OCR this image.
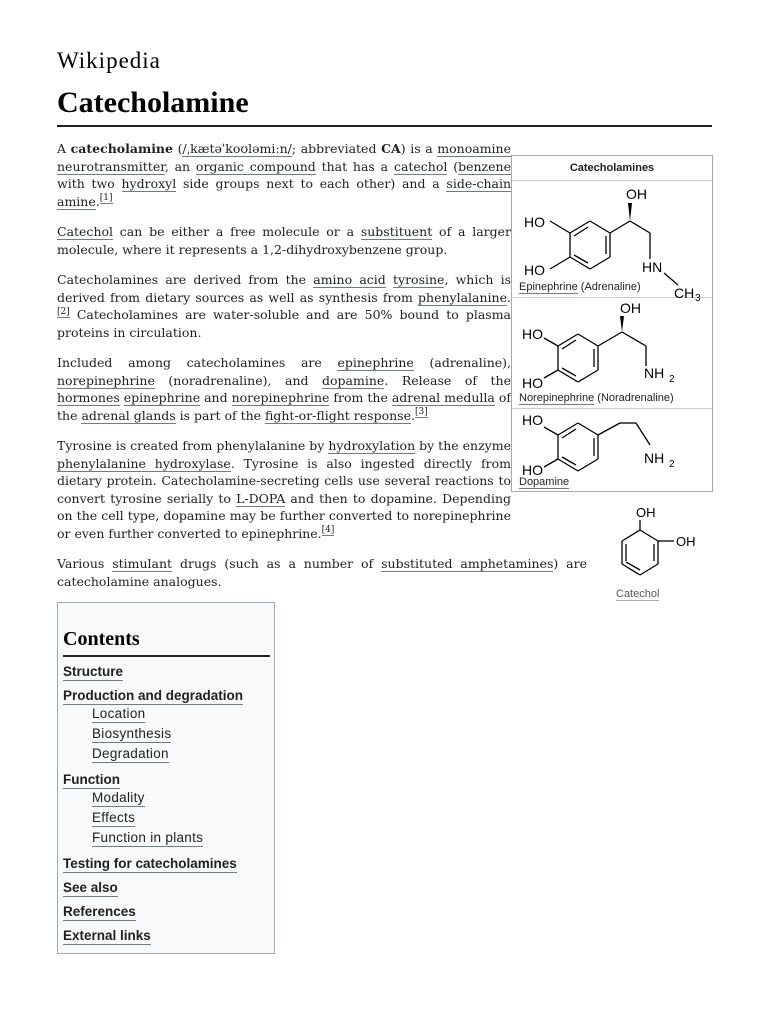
Wikipedia
Catecholamine

A catecholamine (/ˌkætəˈkoʊləmiːn/; abbreviated CA) is a monoamine neurotransmitter, an organic compound that has a catechol (benzene with two hydroxyl side groups next to each other) and a side-chain amine.[1]

Catechol can be either a free molecule or a substituent of a larger molecule, where it represents a 1,2-dihydroxybenzene group.

Catecholamines are derived from the amino acid tyrosine, which is derived from dietary sources as well as synthesis from phenylalanine.[2] Catecholamines are water-soluble and are 50% bound to plasma proteins in circulation.

Included among catecholamines are epinephrine (adrenaline), norepinephrine (noradrenaline), and dopamine. Release of the hormones epinephrine and norepinephrine from the adrenal medulla of the adrenal glands is part of the fight-or-flight response.[3]

Tyrosine is created from phenylalanine by hydroxylation by the enzyme phenylalanine hydroxylase. Tyrosine is also ingested directly from dietary protein. Catecholamine-secreting cells use several reactions to convert tyrosine serially to L-DOPA and then to dopamine. Depending on the cell type, dopamine may be further converted to norepinephrine or even further converted to epinephrine.[4]

Various stimulant drugs (such as a number of substituted amphetamines) are catecholamine analogues.

Catecholamines
OH
HO
HO	HN
CH 3
Epinephrine (Adrenaline)
OH
HO
HO
NH 2
Norepinephrine (Noradrenaline)
HO
HO
NH 2
Dopamine
OH
OH
Catechol
Contents
Structure
Production and degradation
Location
Biosynthesis
Degradation
Function
Modality
Effects
Function in plants
Testing for catecholamines
See also
References
External links
